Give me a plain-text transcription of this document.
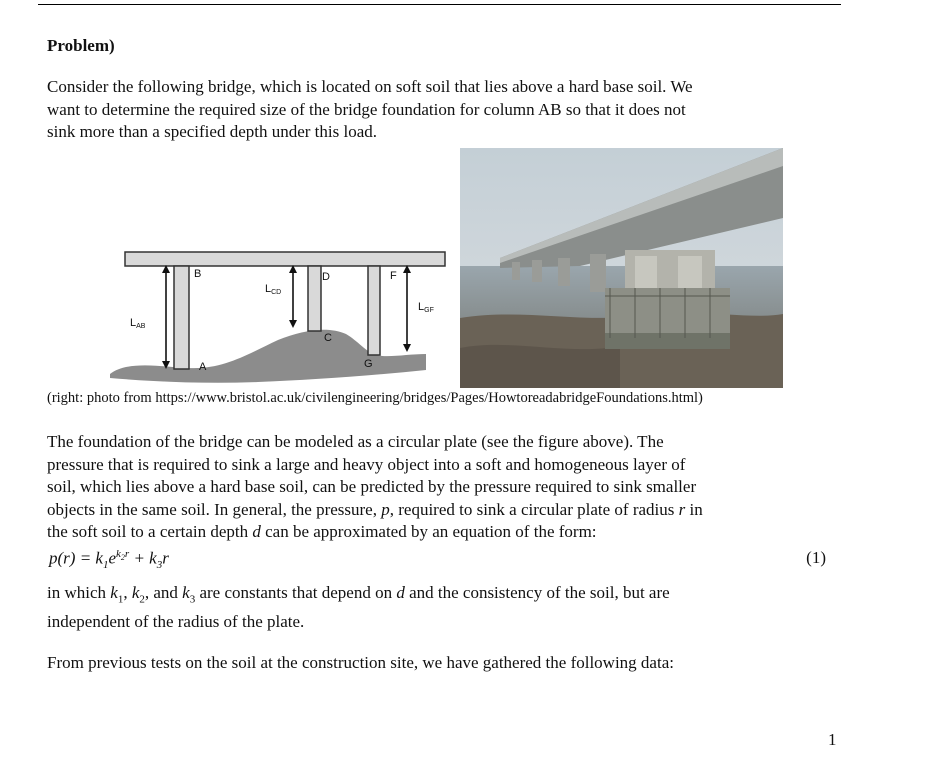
Problem)

Consider the following bridge, which is located on soft soil that lies above a hard base soil. We
want to determine the required size of the bridge foundation for column AB so that it does not
sink more than a specified depth under this load.

A
B
C
D	F
G
LAB
LCD
LGF
(right: photo from https://www.bristol.ac.uk/civilengineering/bridges/Pages/HowtoreadabridgeFoundations.html)

The foundation of the bridge can be modeled as a circular plate (see the figure above). The
pressure that is required to sink a large and heavy object into a soft and homogeneous layer of
soil, which lies above a hard base soil, can be predicted by the pressure required to sink smaller
objects in the same soil. In general, the pressure, p, required to sink a circular plate of radius r in
the soft soil to a certain depth d can be approximated by an equation of the form:

$p(r) = k_1e^{k_2r} + k_3r$	(1)

in which $k_1$, $k_2$, and $k_3$ are constants that depend on d and the consistency of the soil, but are
independent of the radius of the plate.

From previous tests on the soil at the construction site, we have gathered the following data:

1
